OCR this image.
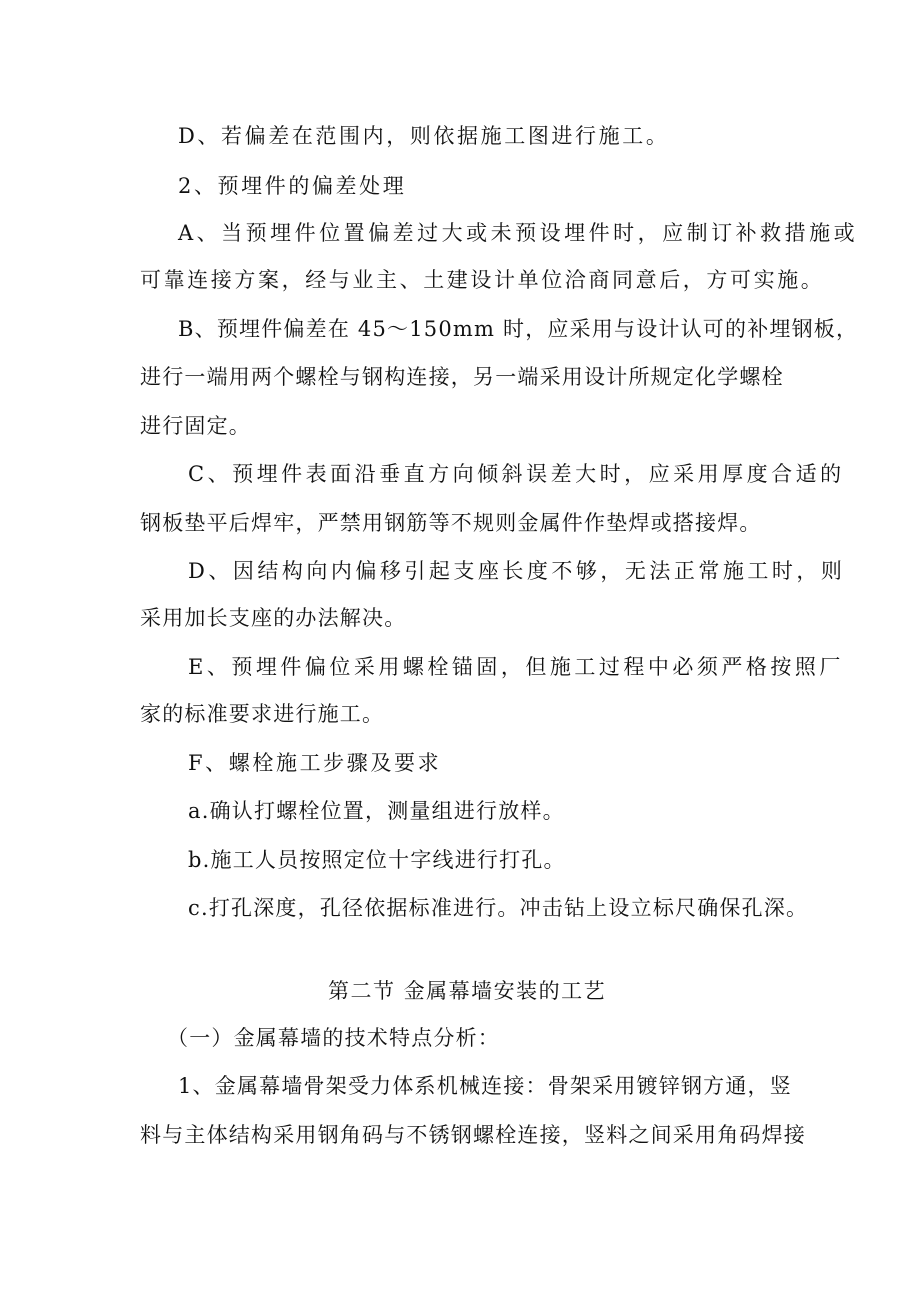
D、若偏差在范围内，则依据施工图进行施工。
2、预埋件的偏差处理
A、当预埋件位置偏差过大或未预设埋件时，应制订补救措施或
可靠连接方案，经与业主、土建设计单位洽商同意后，方可实施。
B、预埋件偏差在 45～150mm 时，应采用与设计认可的补埋钢板，
进行一端用两个螺栓与钢构连接，另一端采用设计所规定化学螺栓
进行固定。
C、预埋件表面沿垂直方向倾斜误差大时，应采用厚度合适的
钢板垫平后焊牢，严禁用钢筋等不规则金属件作垫焊或搭接焊。
D、因结构向内偏移引起支座长度不够，无法正常施工时，则
采用加长支座的办法解决。
E、预埋件偏位采用螺栓锚固，但施工过程中必须严格按照厂
家的标准要求进行施工。
F、螺栓施工步骤及要求
a.确认打螺栓位置，测量组进行放样。
b.施工人员按照定位十字线进行打孔。
c.打孔深度，孔径依据标准进行。冲击钻上设立标尺确保孔深。
第二节 金属幕墙安装的工艺
（一）金属幕墙的技术特点分析：
1、金属幕墙骨架受力体系机械连接：骨架采用镀锌钢方通，竖
料与主体结构采用钢角码与不锈钢螺栓连接，竖料之间采用角码焊接
